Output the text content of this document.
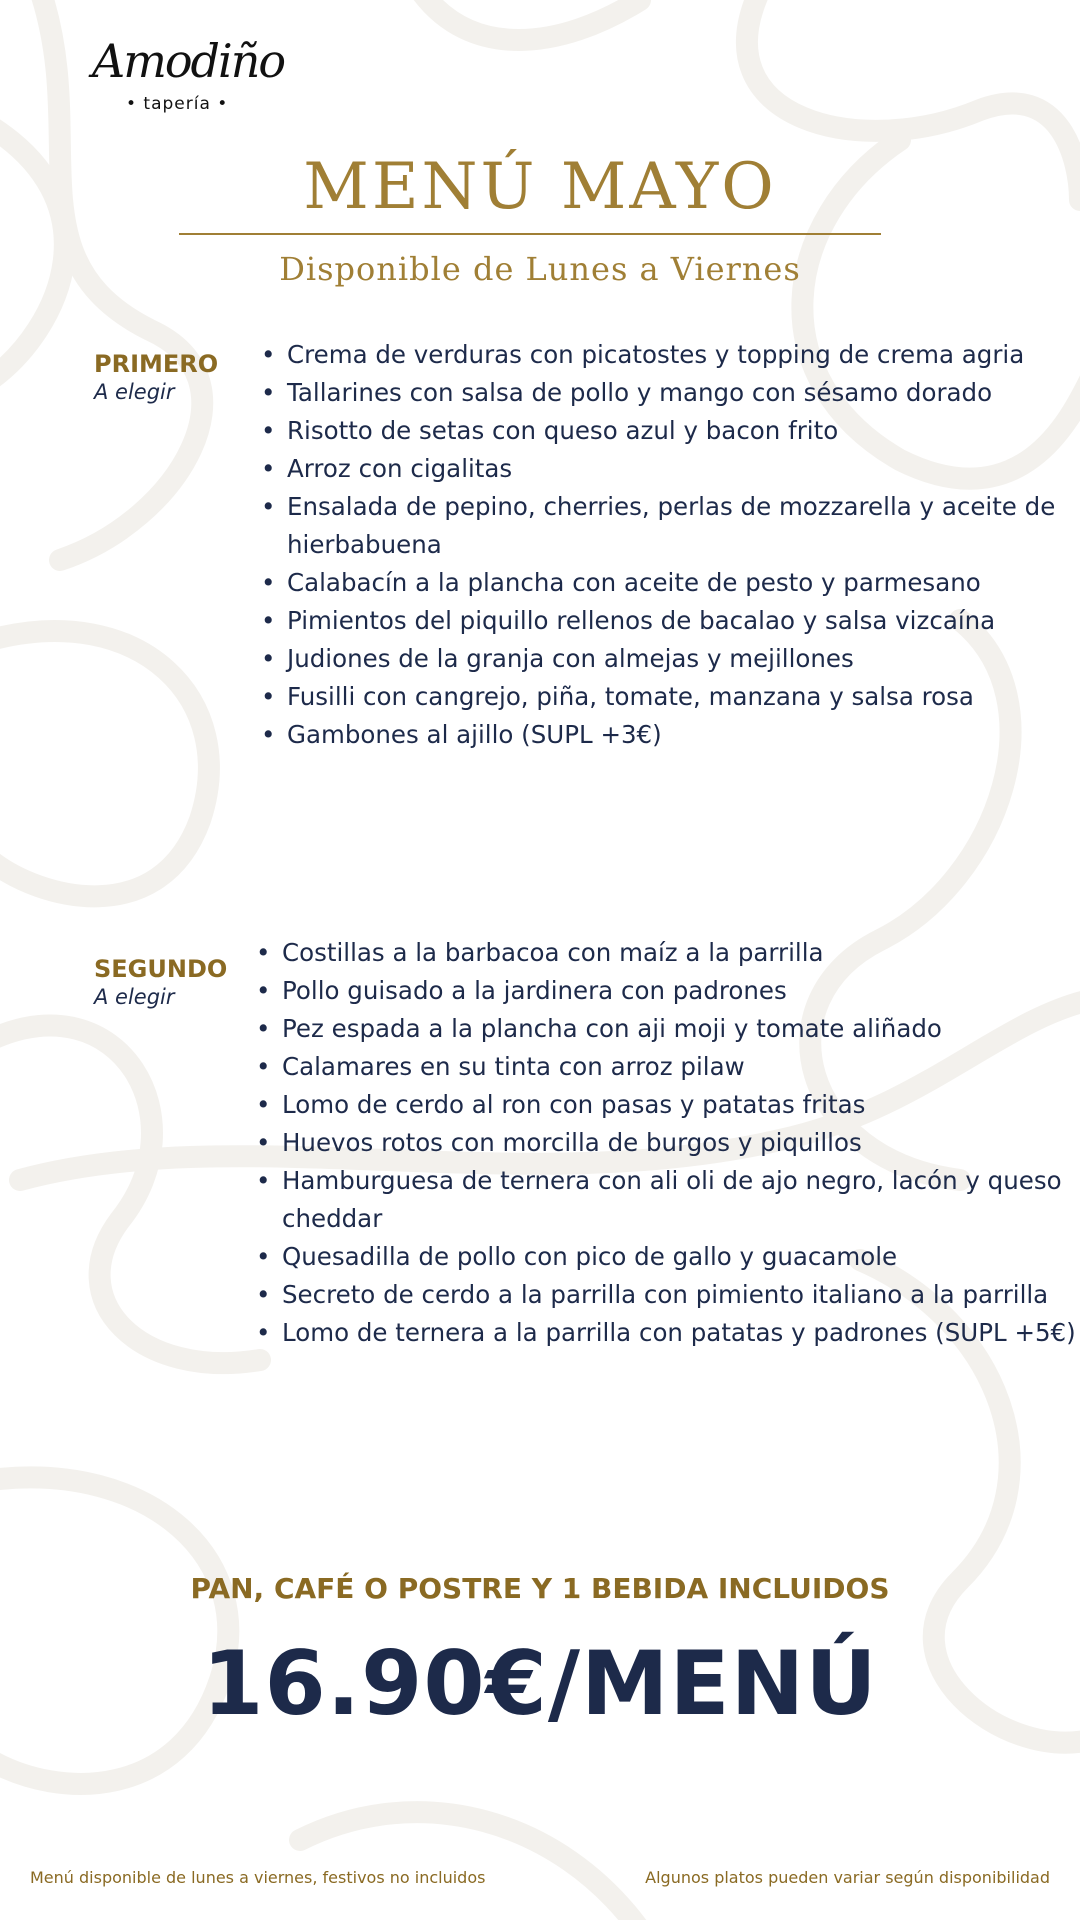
Amodiño
• tapería •
MENÚ MAYO
Disponible de Lunes a Viernes
PRIMERO
A elegir
• Crema de verduras con picatostes y topping de crema agria
• Tallarines con salsa de pollo y mango con sésamo dorado
• Risotto de setas con queso azul y bacon frito
• Arroz con cigalitas
• Ensalada de pepino, cherries, perlas de mozzarella y aceite de hierbabuena
• Calabacín a la plancha con aceite de pesto y parmesano
• Pimientos del piquillo rellenos de bacalao y salsa vizcaína
• Judiones de la granja con almejas y mejillones
• Fusilli con cangrejo, piña, tomate, manzana y salsa rosa
• Gambones al ajillo (SUPL +3€)
SEGUNDO
A elegir
• Costillas a la barbacoa con maíz a la parrilla
• Pollo guisado a la jardinera con padrones
• Pez espada a la plancha con aji moji y tomate aliñado
• Calamares en su tinta con arroz pilaw
• Lomo de cerdo al ron con pasas y patatas fritas
• Huevos rotos con morcilla de burgos y piquillos
• Hamburguesa de ternera con ali oli de ajo negro, lacón y queso cheddar
• Quesadilla de pollo con pico de gallo y guacamole
• Secreto de cerdo a la parrilla con pimiento italiano a la parrilla
• Lomo de ternera a la parrilla con patatas y padrones (SUPL +5€)
PAN, CAFÉ O POSTRE Y 1 BEBIDA INCLUIDOS
16.90€/MENÚ
Menú disponible de lunes a viernes, festivos no incluidos	Algunos platos pueden variar según disponibilidad
